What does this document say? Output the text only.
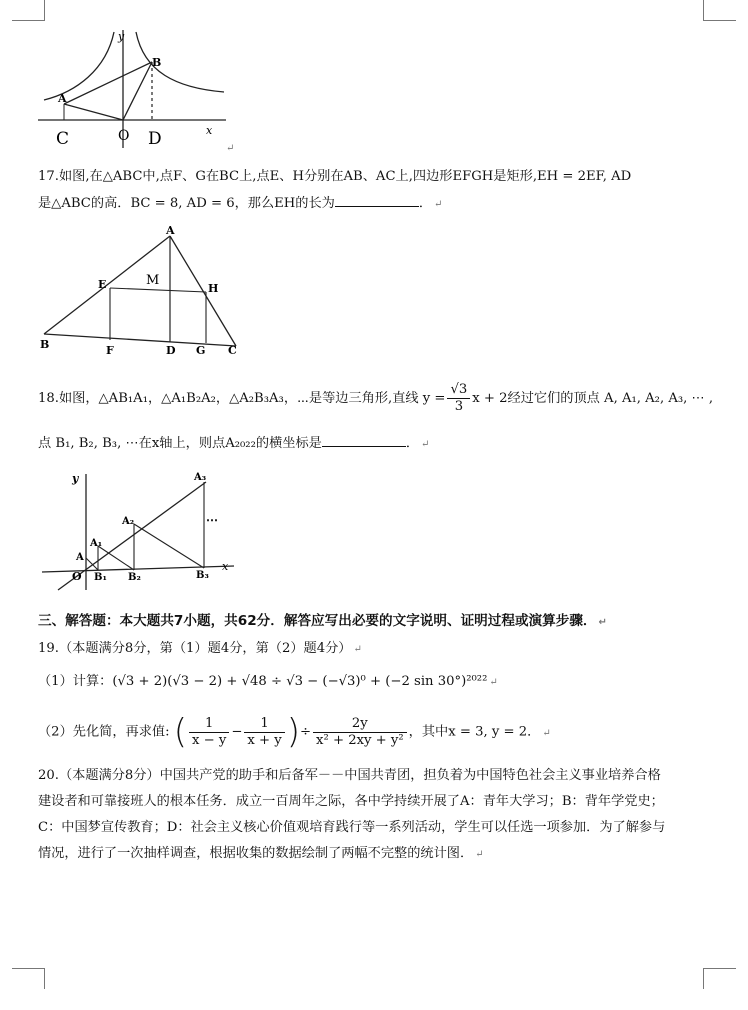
y
x
A
B
C	O D	↵
17.如图,在△ABC中,点F、G在BC上,点E、H分别在AB、AC上,四边形EFGH是矩形,EH = 2EF, AD
是△ABC的高．BC = 8, AD = 6，那么EH的长为	． ↵
A
E	H
M
B	F	D G C
18.如图，△AB₁A₁，△A₁B₂A₂，△A₂B₃A₃，⋯是等边三角形,直线 $y = \frac{√3}{3}$ x + 2经过它们的顶点 A, A₁, A₂, A₃, ⋯ ,
点 B₁, B₂, B₃, ⋯在x轴上，则点A₂₀₂₂的横坐标是	． ↵
y
x
O
A
A₁
A₂
A₃
B₁ B₂	B₃
⋯
三、解答题：本大题共7小题，共62分．解答应写出必要的文字说明、证明过程或演算步骤． ↵
19.（本题满分8分，第（1）题4分，第（2）题4分） ↵
（1）计算：(√3 + 2)(√3 − 2) + √48 ÷ √3 − (−√3)⁰ + (−2 sin 30°)²⁰²² ↵
（2）先化简，再求值: ( $\frac{1}{x - y} - \frac{1}{x + y}$ )÷ $\frac{2y}{\text{x² + 2xy + y²}}$ ，其中x = 3, y = 2． ↵
20.（本题满分8分）中国共产党的助手和后备军－－中国共青团，担负着为中国特色社会主义事业培养合格
建设者和可靠接班人的根本任务．成立一百周年之际，各中学持续开展了A：青年大学习；B：背年学党史；
C：中国梦宣传教育；D：社会主义核心价值观培育践行等一系列活动，学生可以任选一项参加．为了解参与
情况，进行了一次抽样调查，根据收集的数据绘制了两幅不完整的统计图． ↵
